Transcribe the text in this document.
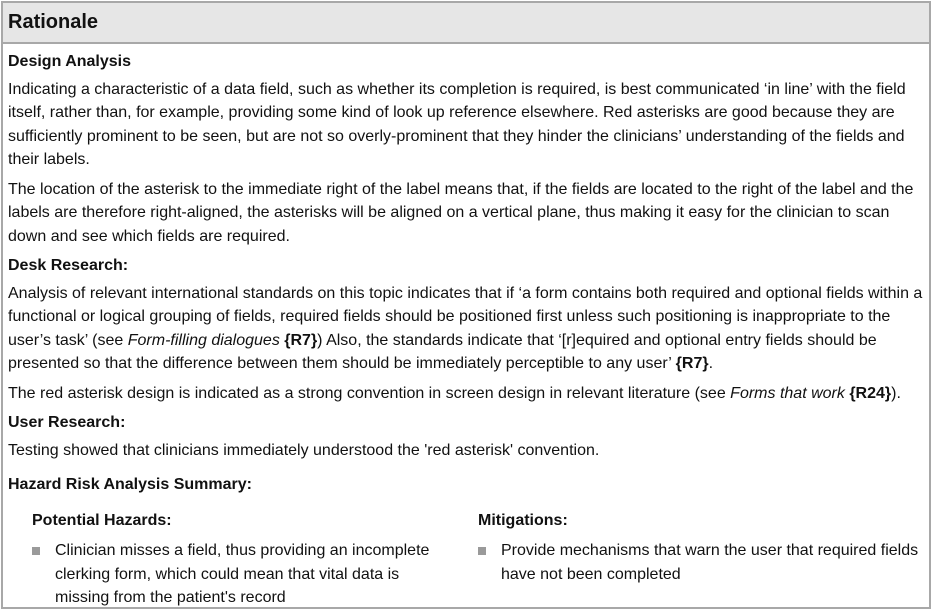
Rationale
Design Analysis

Indicating a characteristic of a data field, such as whether its completion is required, is best communicated ‘in line’ with the field itself, rather than, for example, providing some kind of look up reference elsewhere. Red asterisks are good because they are sufficiently prominent to be seen, but are not so overly-prominent that they hinder the clinicians’ understanding of the fields and their labels.

The location of the asterisk to the immediate right of the label means that, if the fields are located to the right of the label and the labels are therefore right-aligned, the asterisks will be aligned on a vertical plane, thus making it easy for the clinician to scan down and see which fields are required.

Desk Research:

Analysis of relevant international standards on this topic indicates that if ‘a form contains both required and optional fields within a functional or logical grouping of fields, required fields should be positioned first unless such positioning is inappropriate to the user’s task’ (see Form-filling dialogues {R7}) Also, the standards indicate that ‘[r]equired and optional entry fields should be presented so that the difference between them should be immediately perceptible to any user’ {R7}.

The red asterisk design is indicated as a strong convention in screen design in relevant literature (see Forms that work {R24}).

User Research:

Testing showed that clinicians immediately understood the 'red asterisk' convention.

Hazard Risk Analysis Summary:
Potential Hazards:
Clinician misses a field, thus providing an incomplete clerking form, which could mean that vital data is missing from the patient's record
Mitigations:
Provide mechanisms that warn the user that required fields have not been completed
